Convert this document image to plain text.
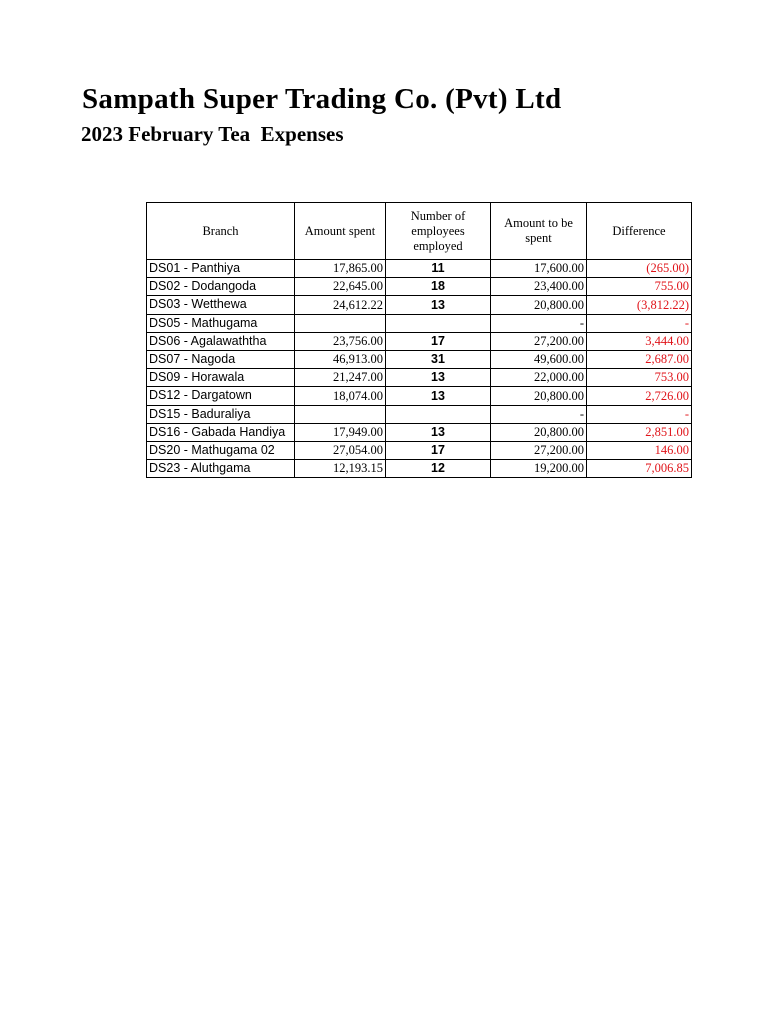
Sampath Super Trading Co. (Pvt) Ltd
2023 February Tea  Expenses
Branch	Amount spent	Number of employees employed	Amount to be spent	Difference
DS01 - Panthiya	17,865.00	11	17,600.00	(265.00)
DS02 - Dodangoda	22,645.00	18	23,400.00	755.00
DS03 - Wetthewa	24,612.22	13	20,800.00	(3,812.22)
DS05 - Mathugama			-	-
DS06 - Agalawaththa	23,756.00	17	27,200.00	3,444.00
DS07 - Nagoda	46,913.00	31	49,600.00	2,687.00
DS09 - Horawala	21,247.00	13	22,000.00	753.00
DS12 - Dargatown	18,074.00	13	20,800.00	2,726.00
DS15 - Baduraliya			-	-
DS16 - Gabada Handiya	17,949.00	13	20,800.00	2,851.00
DS20 - Mathugama 02	27,054.00	17	27,200.00	146.00
DS23 - Aluthgama	12,193.15	12	19,200.00	7,006.85
